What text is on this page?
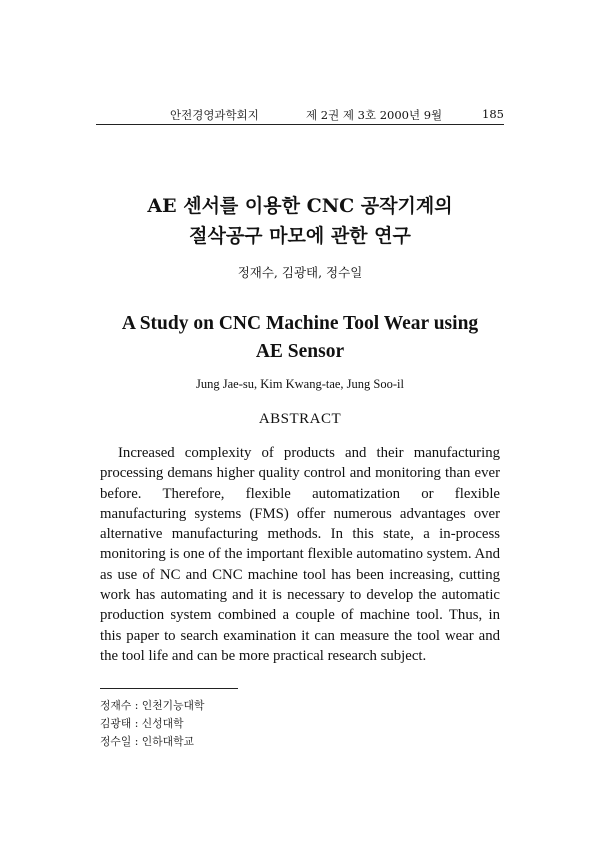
안전경영과학회지	제 2권 제 3호 2000년 9월	185
AE 센서를 이용한 CNC 공작기계의
절삭공구 마모에 관한 연구
정재수, 김광태, 정수일
A Study on CNC Machine Tool Wear using
AE Sensor
Jung Jae-su, Kim Kwang-tae, Jung Soo-il
ABSTRACT
Increased complexity of products and their manufacturing processing demans higher quality control and monitoring than ever before. Therefore, flexible automatization or flexible manufacturing systems (FMS) offer numerous advantages over alternative manufacturing methods. In this state, a in-process monitoring is one of the important flexible automatino system. And as use of NC and CNC machine tool has been increasing, cutting work has automating and it is necessary to develop the automatic production system combined a couple of machine tool. Thus, in this paper to search examination it can measure the tool wear and the tool life and can be more practical research subject.
정재수 : 인천기능대학
김광태 : 신성대학
정수일 : 인하대학교
